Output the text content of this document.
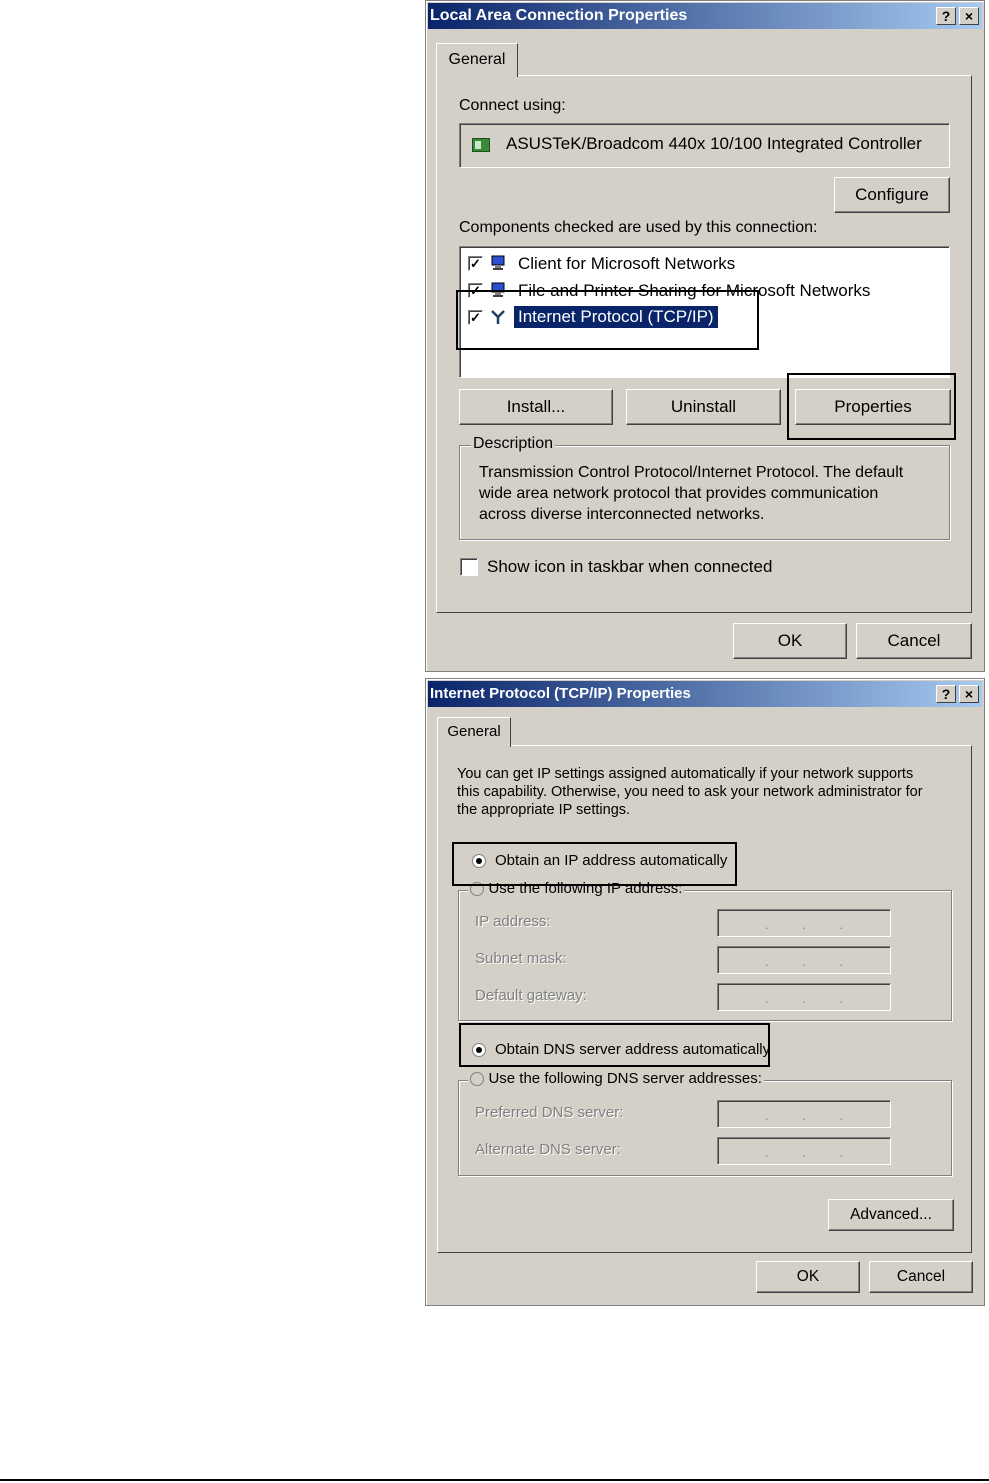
Local Area Connection Properties	?	×
General
Connect using:
ASUSTeK/Broadcom 440x 10/100 Integrated Controller
Configure
Components checked are used by this connection:
✓ Client for Microsoft Networks
✓ File and Printer Sharing for Microsoft Networks
✓ Internet Protocol (TCP/IP)
Install...	Uninstall	Properties
Description
Transmission Control Protocol/Internet Protocol. The default
wide area network protocol that provides communication
across diverse interconnected networks.
Show icon in taskbar when connected
OK	Cancel
Internet Protocol (TCP/IP) Properties	?	×
General
You can get IP settings assigned automatically if your network supports
this capability. Otherwise, you need to ask your network administrator for
the appropriate IP settings.
Obtain an IP address automatically
Use the following IP address:
IP address:	.	.	.
Subnet mask:	.	.	.
Default gateway:	.	.	.
Obtain DNS server address automatically
Use the following DNS server addresses:
Preferred DNS server:	.	.	.
Alternate DNS server:	.	.	.
Advanced...
OK	Cancel
